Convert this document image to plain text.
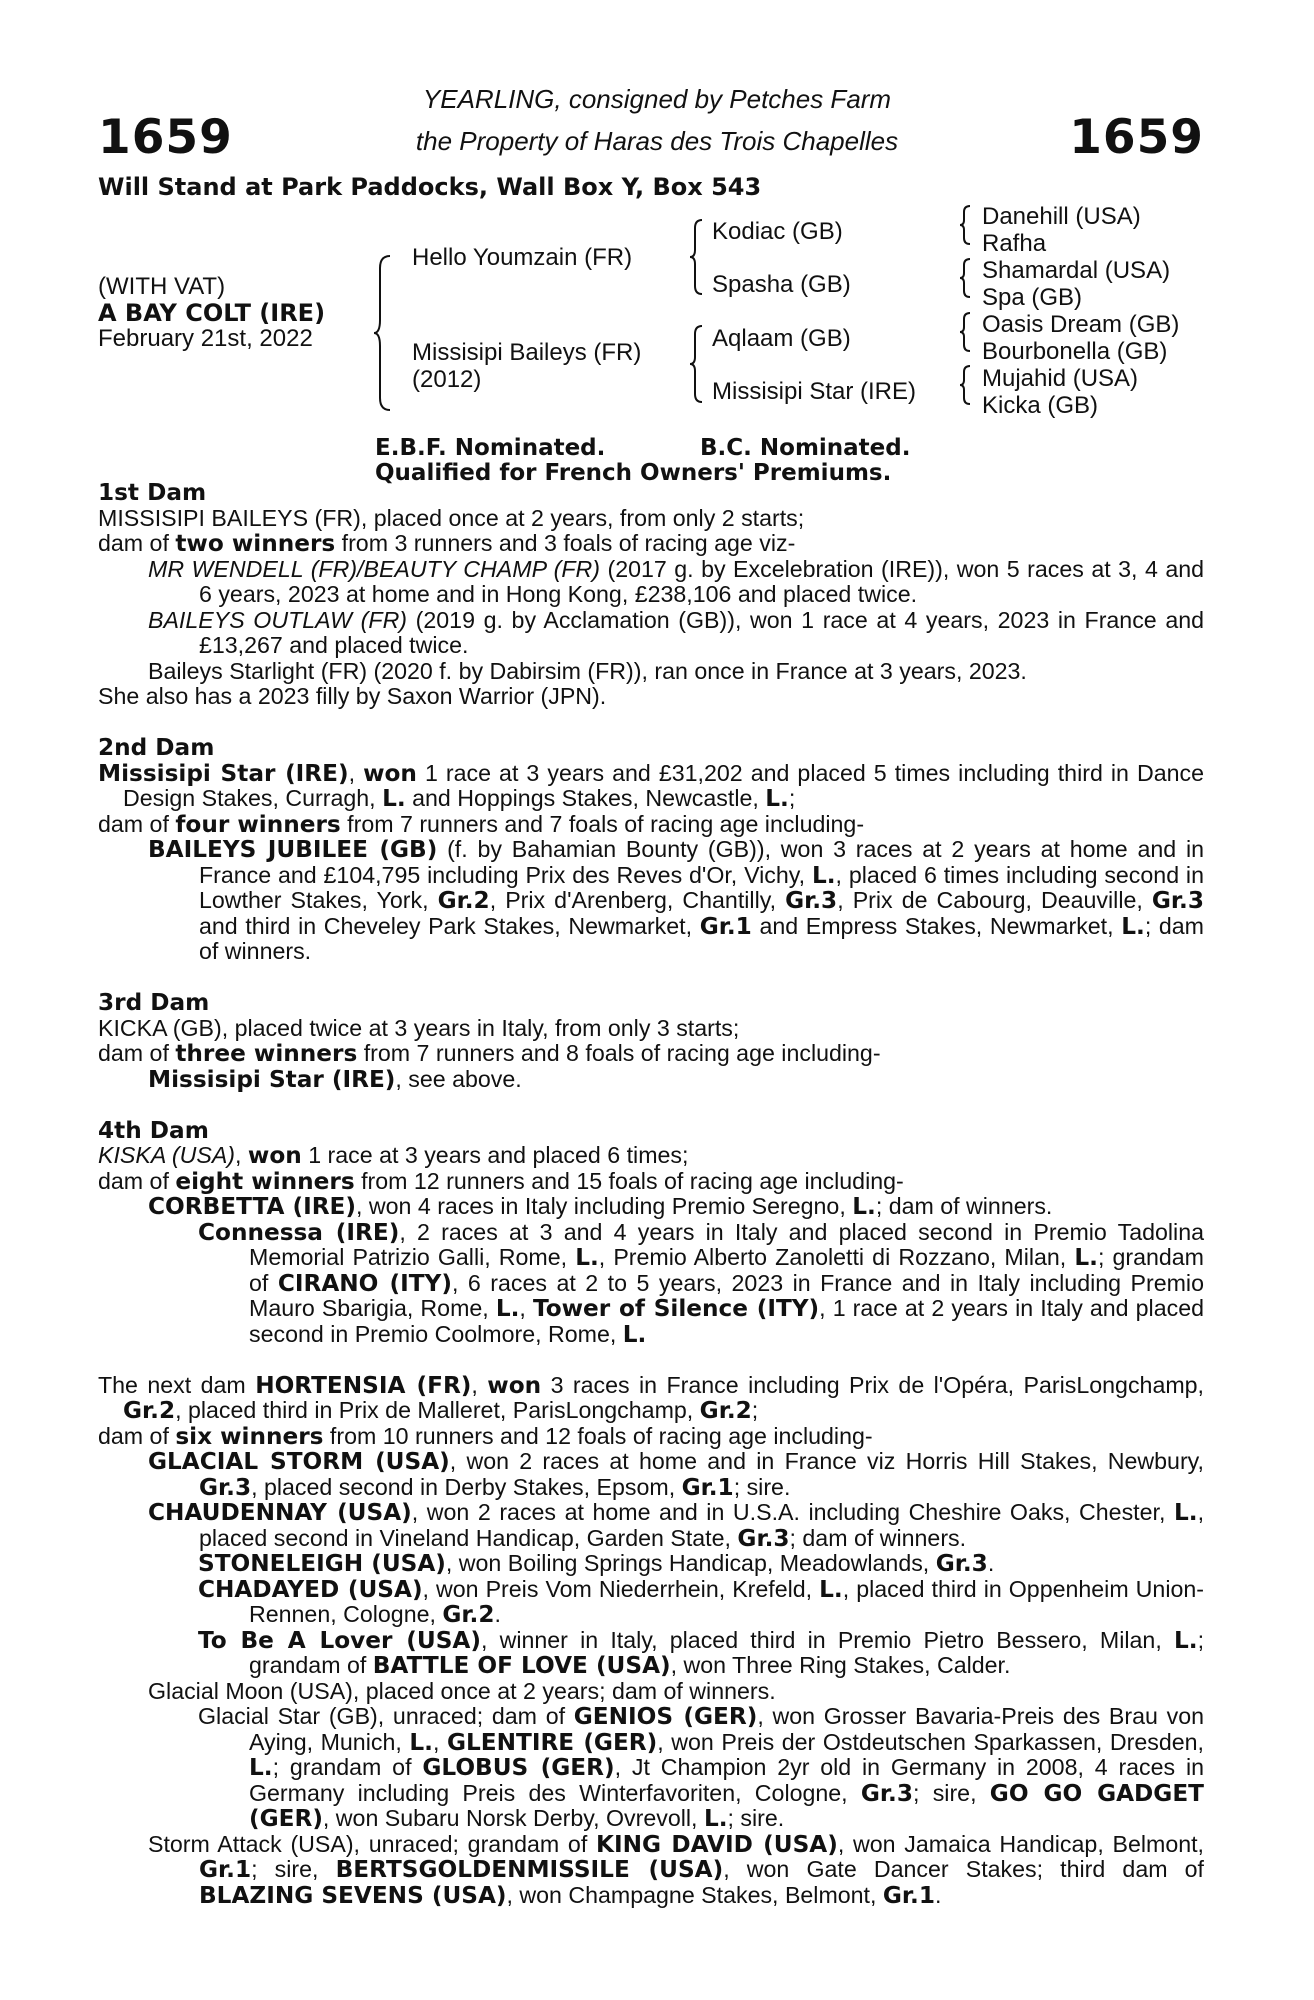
1659	1659
YEARLING, consigned by Petches Farm
the Property of Haras des Trois Chapelles
Will Stand at Park Paddocks, Wall Box Y, Box 543
(WITH VAT)
A BAY COLT (IRE)
February 21st, 2022
Hello Youmzain (FR)
Missisipi Baileys (FR)
(2012)
Kodiac (GB)
Spasha (GB)
Aqlaam (GB)
Missisipi Star (IRE)
Danehill (USA)
Rafha
Shamardal (USA)
Spa (GB)
Oasis Dream (GB)
Bourbonella (GB)
Mujahid (USA)
Kicka (GB)
E.B.F. Nominated.	B.C. Nominated.
Qualified for French Owners' Premiums.

1st Dam

MISSISIPI BAILEYS (FR), placed once at 2 years, from only 2 starts;

dam of two winners from 3 runners and 3 foals of racing age viz-

MR WENDELL (FR)/BEAUTY CHAMP (FR) (2017 g. by Excelebration (IRE)), won 5 races at 3, 4 and 6 years, 2023 at home and in Hong Kong, £238,106 and placed twice.

BAILEYS OUTLAW (FR) (2019 g. by Acclamation (GB)), won 1 race at 4 years, 2023 in France and £13,267 and placed twice.

Baileys Starlight (FR) (2020 f. by Dabirsim (FR)), ran once in France at 3 years, 2023.

She also has a 2023 filly by Saxon Warrior (JPN).

2nd Dam

Missisipi Star (IRE), won 1 race at 3 years and £31,202 and placed 5 times including third in Dance Design Stakes, Curragh, L. and Hoppings Stakes, Newcastle, L.;

dam of four winners from 7 runners and 7 foals of racing age including-

BAILEYS JUBILEE (GB) (f. by Bahamian Bounty (GB)), won 3 races at 2 years at home and in France and £104,795 including Prix des Reves d'Or, Vichy, L., placed 6 times including second in Lowther Stakes, York, Gr.2, Prix d'Arenberg, Chantilly, Gr.3, Prix de Cabourg, Deauville, Gr.3 and third in Cheveley Park Stakes, Newmarket, Gr.1 and Empress Stakes, Newmarket, L.; dam of winners.

3rd Dam

KICKA (GB), placed twice at 3 years in Italy, from only 3 starts;

dam of three winners from 7 runners and 8 foals of racing age including-

Missisipi Star (IRE), see above.

4th Dam

KISKA (USA), won 1 race at 3 years and placed 6 times;

dam of eight winners from 12 runners and 15 foals of racing age including-

CORBETTA (IRE), won 4 races in Italy including Premio Seregno, L.; dam of winners.

Connessa (IRE), 2 races at 3 and 4 years in Italy and placed second in Premio Tadolina Memorial Patrizio Galli, Rome, L., Premio Alberto Zanoletti di Rozzano, Milan, L.; grandam of CIRANO (ITY), 6 races at 2 to 5 years, 2023 in France and in Italy including Premio Mauro Sbarigia, Rome, L., Tower of Silence (ITY), 1 race at 2 years in Italy and placed second in Premio Coolmore, Rome, L.

The next dam HORTENSIA (FR), won 3 races in France including Prix de l'Opéra, ParisLongchamp, Gr.2, placed third in Prix de Malleret, ParisLongchamp, Gr.2;

dam of six winners from 10 runners and 12 foals of racing age including-

GLACIAL STORM (USA), won 2 races at home and in France viz Horris Hill Stakes, Newbury, Gr.3, placed second in Derby Stakes, Epsom, Gr.1; sire.

CHAUDENNAY (USA), won 2 races at home and in U.S.A. including Cheshire Oaks, Chester, L., placed second in Vineland Handicap, Garden State, Gr.3; dam of winners.

STONELEIGH (USA), won Boiling Springs Handicap, Meadowlands, Gr.3.

CHADAYED (USA), won Preis Vom Niederrhein, Krefeld, L., placed third in Oppenheim Union-Rennen, Cologne, Gr.2.

To Be A Lover (USA), winner in Italy, placed third in Premio Pietro Bessero, Milan, L.; grandam of BATTLE OF LOVE (USA), won Three Ring Stakes, Calder.

Glacial Moon (USA), placed once at 2 years; dam of winners.

Glacial Star (GB), unraced; dam of GENIOS (GER), won Grosser Bavaria-Preis des Brau von Aying, Munich, L., GLENTIRE (GER), won Preis der Ostdeutschen Sparkassen, Dresden, L.; grandam of GLOBUS (GER), Jt Champion 2yr old in Germany in 2008, 4 races in Germany including Preis des Winterfavoriten, Cologne, Gr.3; sire, GO GO GADGET (GER), won Subaru Norsk Derby, Ovrevoll, L.; sire.

Storm Attack (USA), unraced; grandam of KING DAVID (USA), won Jamaica Handicap, Belmont, Gr.1; sire, BERTSGOLDENMISSILE (USA), won Gate Dancer Stakes; third dam of BLAZING SEVENS (USA), won Champagne Stakes, Belmont, Gr.1.
